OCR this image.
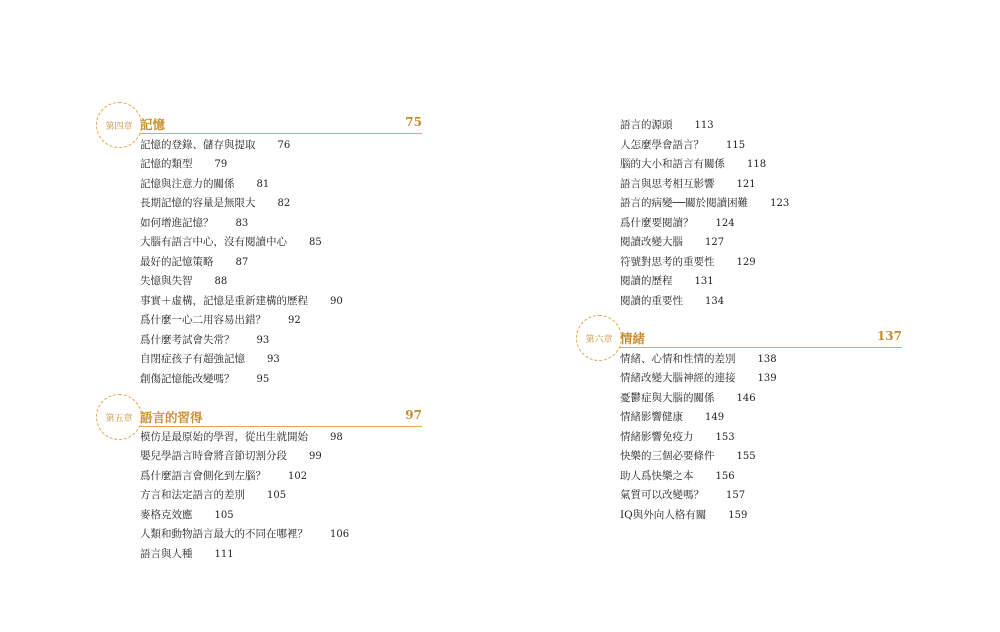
第四章 記憶	75
記憶的登錄、儲存與提取 76
記憶的類型 79
記憶與注意力的關係 81
長期記憶的容量是無限大 82
如何增進記憶？ 83
大腦有語言中心，沒有閱讀中心 85
最好的記憶策略 87
失憶與失智 88
事實＋虛構，記憶是重新建構的歷程 90
爲什麼一心二用容易出錯？ 92
爲什麼考試會失常？ 93
自閉症孩子有超強記憶 93
創傷記憶能改變嗎？ 95
第五章 語言的習得	97
模仿是最原始的學習，從出生就開始 98
嬰兒學語言時會將音節切割分段 99
爲什麼語言會側化到左腦？ 102
方言和法定語言的差別 105
麥格克效應 105
人類和動物語言最大的不同在哪裡？ 106
語言與人種 111
語言的源頭 113
人怎麼學會語言？ 115
腦的大小和語言有關係 118
語言與思考相互影響 121
語言的病變──關於閱讀困難 123
爲什麼要閱讀？ 124
閱讀改變大腦 127
符號對思考的重要性 129
閱讀的歷程 131
閱讀的重要性 134
第六章 情緒	137
情緒、心情和性情的差別 138
情緒改變大腦神經的連接 139
憂鬱症與大腦的關係 146
情緒影響健康 149
情緒影響免疫力 153
快樂的三個必要條件 155
助人爲快樂之本 156
氣質可以改變嗎？ 157
IQ與外向人格有關 159
